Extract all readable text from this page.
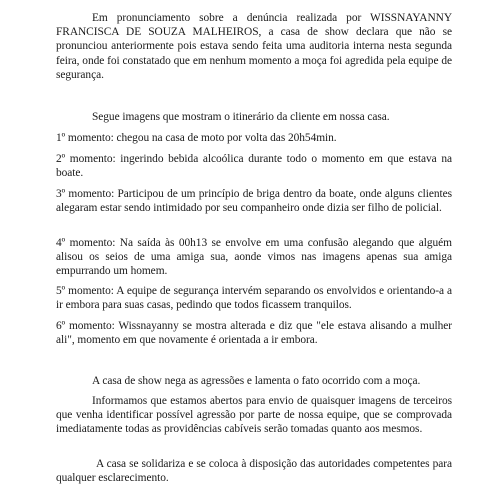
Em pronunciamento sobre a denúncia realizada por WISSNAYANNY FRANCISCA DE SOUZA MALHEIROS, a casa de show declara que não se pronunciou anteriormente pois estava sendo feita uma auditoria interna nesta segunda feira, onde foi constatado que em nenhum momento a moça foi agredida pela equipe de segurança.

Segue imagens que mostram o itinerário da cliente em nossa casa.

1º momento: chegou na casa de moto por volta das 20h54min.

2º momento: ingerindo bebida alcoólica durante todo o momento em que estava na boate.

3º momento: Participou de um princípio de briga dentro da boate, onde alguns clientes alegaram estar sendo intimidado por seu companheiro onde dizia ser filho de policial.

4º momento: Na saída às 00h13 se envolve em uma confusão alegando que alguém alisou os seios de uma amiga sua, aonde vimos nas imagens apenas sua amiga empurrando um homem.

5º momento: A equipe de segurança intervém separando os envolvidos e orientando-a a ir embora para suas casas, pedindo que todos ficassem tranquilos.

6º momento: Wissnayanny se mostra alterada e diz que "ele estava alisando a mulher ali", momento em que novamente é orientada a ir embora.

A casa de show nega as agressões e lamenta o fato ocorrido com a moça.

Informamos que estamos abertos para envio de quaisquer imagens de terceiros que venha identificar possível agressão por parte de nossa equipe, que se comprovada imediatamente todas as providências cabíveis serão tomadas quanto aos mesmos.

A casa se solidariza e se coloca à disposição das autoridades competentes para qualquer esclarecimento.
